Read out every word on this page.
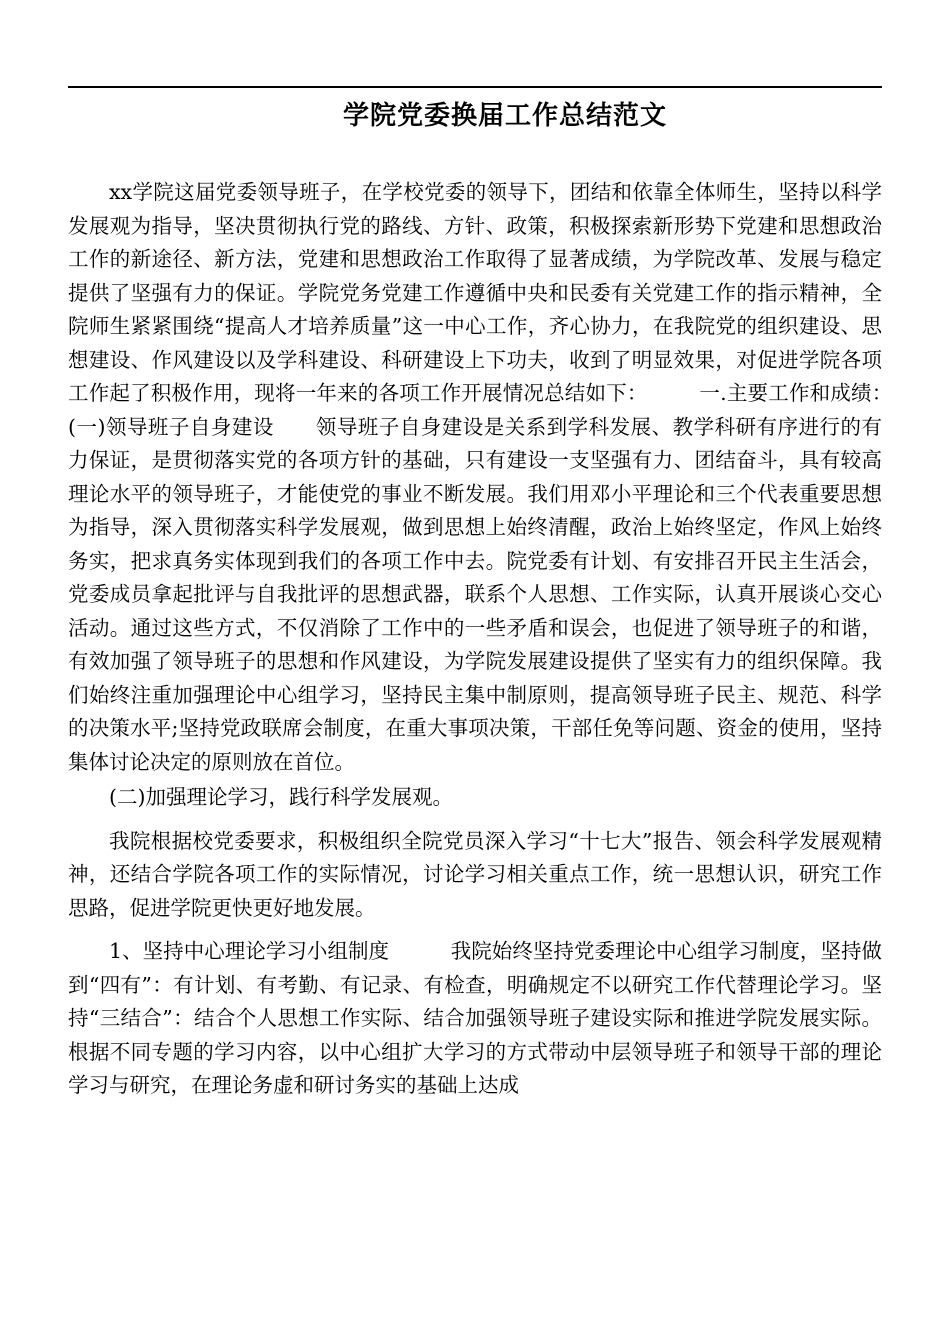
学院党委换届工作总结范文

xx学院这届党委领导班子，在学校党委的领导下，团结和依靠全体师生，坚持以科学发展观为指导，坚决贯彻执行党的路线、方针、政策，积极探索新形势下党建和思想政治工作的新途径、新方法，党建和思想政治工作取得了显著成绩，为学院改革、发展与稳定提供了坚强有力的保证。学院党务党建工作遵循中央和民委有关党建工作的指示精神，全院师生紧紧围绕“提高人才培养质量”这一中心工作，齐心协力，在我院党的组织建设、思想建设、作风建设以及学科建设、科研建设上下功夫，收到了明显效果，对促进学院各项工作起了积极作用，现将一年来的各项工作开展情况总结如下：　　　一.主要工作和成绩：　　　(一)领导班子自身建设　　领导班子自身建设是关系到学科发展、教学科研有序进行的有力保证，是贯彻落实党的各项方针的基础，只有建设一支坚强有力、团结奋斗，具有较高理论水平的领导班子，才能使党的事业不断发展。我们用邓小平理论和三个代表重要思想为指导，深入贯彻落实科学发展观，做到思想上始终清醒，政治上始终坚定，作风上始终务实，把求真务实体现到我们的各项工作中去。院党委有计划、有安排召开民主生活会，党委成员拿起批评与自我批评的思想武器，联系个人思想、工作实际，认真开展谈心交心活动。通过这些方式，不仅消除了工作中的一些矛盾和误会，也促进了领导班子的和谐，有效加强了领导班子的思想和作风建设，为学院发展建设提供了坚实有力的组织保障。我们始终注重加强理论中心组学习，坚持民主集中制原则，提高领导班子民主、规范、科学的决策水平;坚持党政联席会制度，在重大事项决策，干部任免等问题、资金的使用，坚持集体讨论决定的原则放在首位。

(二)加强理论学习，践行科学发展观。

我院根据校党委要求，积极组织全院党员深入学习“十七大”报告、领会科学发展观精神，还结合学院各项工作的实际情况，讨论学习相关重点工作，统一思想认识，研究工作思路，促进学院更快更好地发展。

1、坚持中心理论学习小组制度　　　我院始终坚持党委理论中心组学习制度，坚持做到“四有”：有计划、有考勤、有记录、有检查，明确规定不以研究工作代替理论学习。坚持“三结合”：结合个人思想工作实际、结合加强领导班子建设实际和推进学院发展实际。根据不同专题的学习内容，以中心组扩大学习的方式带动中层领导班子和领导干部的理论学习与研究，在理论务虚和研讨务实的基础上达成
